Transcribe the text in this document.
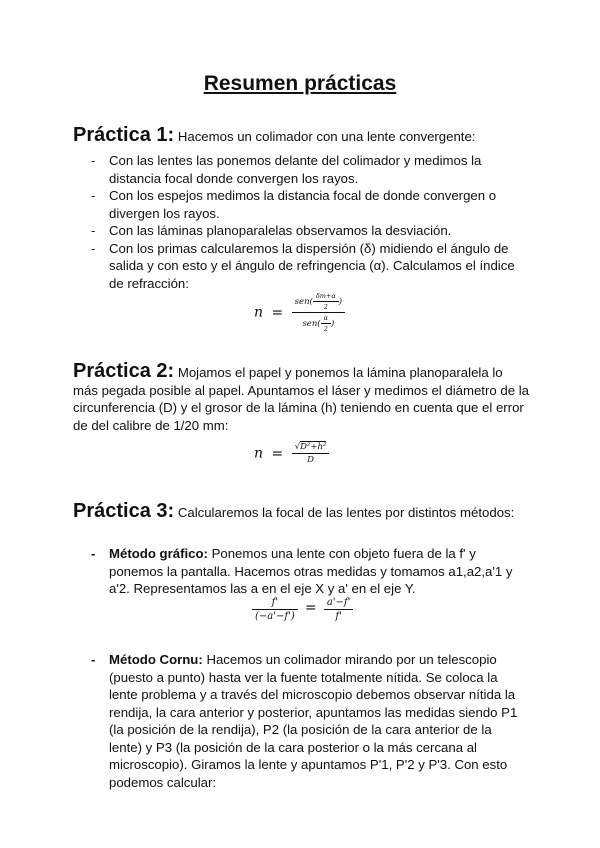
Resumen prácticas
Práctica 1: Hacemos un colimador con una lente convergente:
- Con las lentes las ponemos delante del colimador y medimos la distancia focal donde convergen los rayos.
- Con los espejos medimos la distancia focal de donde convergen o divergen los rayos.
- Con las láminas planoparalelas observamos la desviación.
- Con los primas calcularemos la dispersión (δ) midiendo el ángulo de salida y con esto y el ángulo de refringencia (α). Calculamos el índice de refracción:
$n = \frac{sen( \frac{\delta m+\alpha}{2} )}{sen( \frac{\alpha}{2} )}$
Práctica 2: Mojamos el papel y ponemos la lámina planoparalela lo más pegada posible al papel. Apuntamos el láser y medimos el diámetro de la circunferencia (D) y el grosor de la lámina (h) teniendo en cuenta que el error de del calibre de 1/20 mm:
$n = \frac{\text{√D²+h²}}{D}$
Práctica 3: Calcularemos la focal de las lentes por distintos métodos:
- Método gráfico: Ponemos una lente con objeto fuera de la f' y ponemos la pantalla. Hacemos otras medidas y tomamos a1,a2,a'1 y a'2. Representamos las a en el eje X y a' en el eje Y.
$\frac{f'}{(-a'-f')} = \frac{a'-f'}{f'}$
- Método Cornu: Hacemos un colimador mirando por un telescopio (puesto a punto) hasta ver la fuente totalmente nítida. Se coloca la lente problema y a través del microscopio debemos observar nítida la rendija, la cara anterior y posterior, apuntamos las medidas siendo P1 (la posición de la rendija), P2 (la posición de la cara anterior de la lente) y P3 (la posición de la cara posterior o la más cercana al microscopio). Giramos la lente y apuntamos P'1, P'2 y P'3. Con esto podemos calcular:
